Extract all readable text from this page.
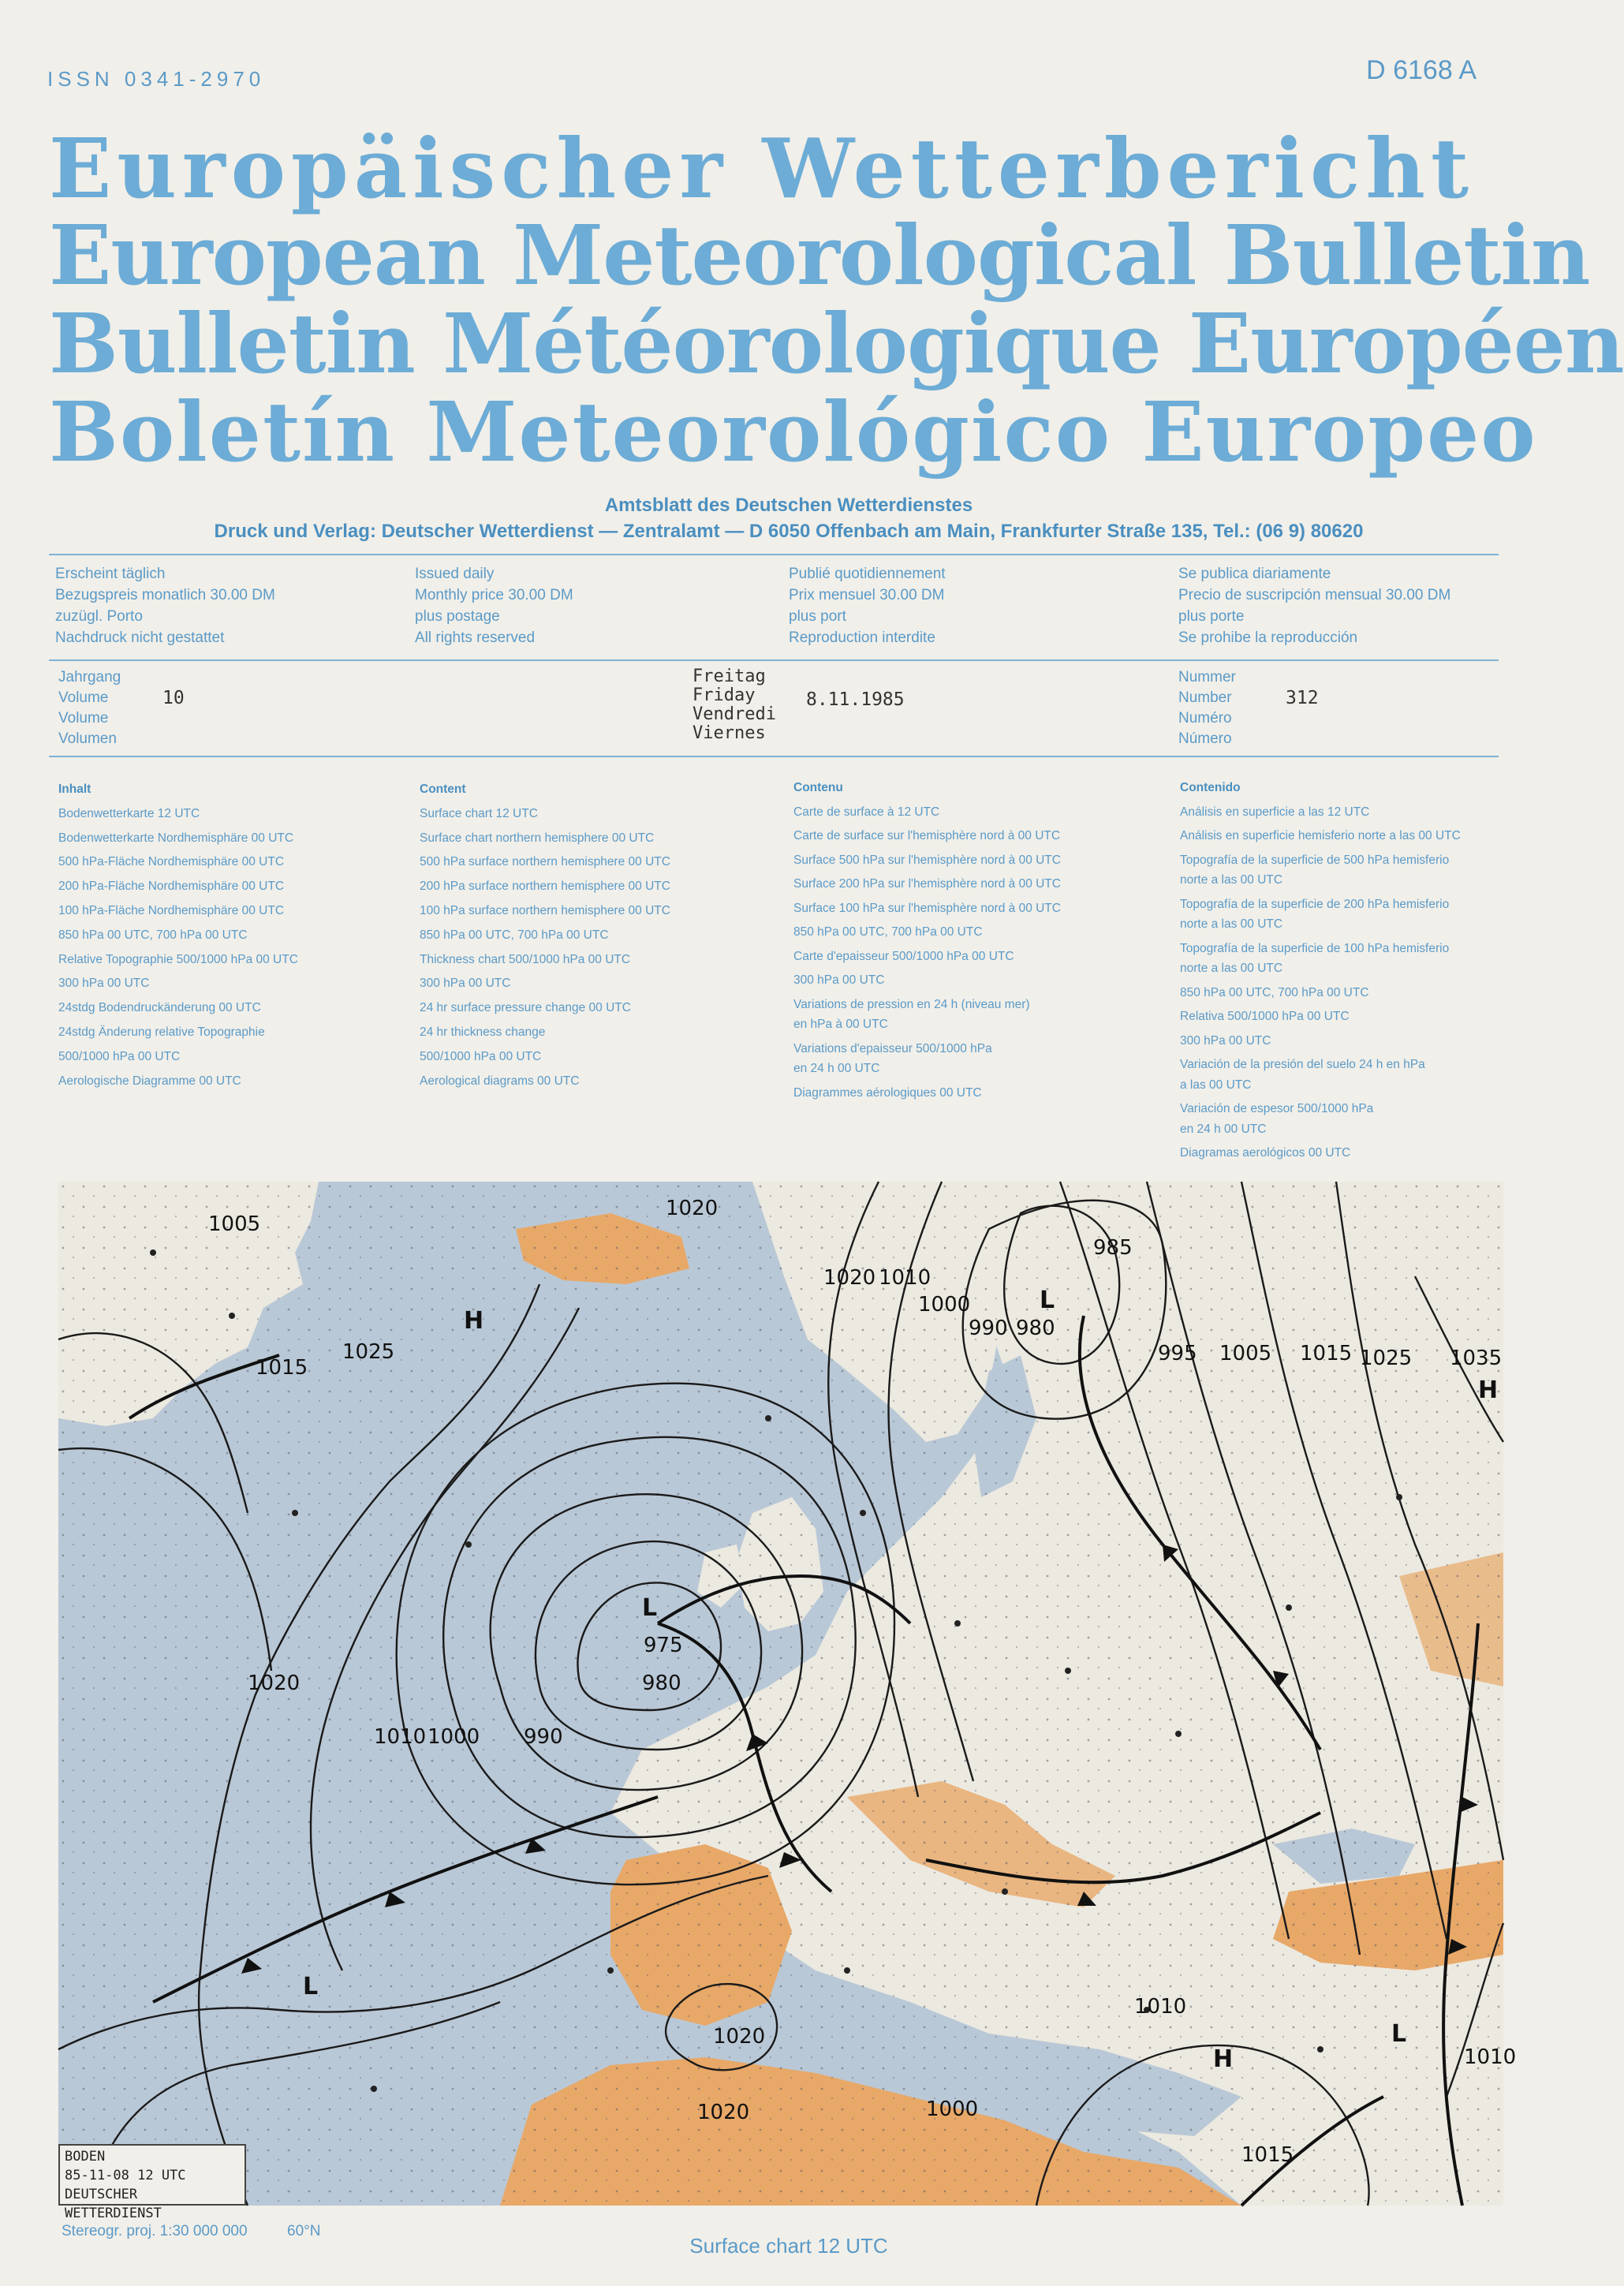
ISSN 0341-2970	D 6168 A
Europäischer Wetterbericht
European Meteorological Bulletin
Bulletin Météorologique Européen
Boletín Meteorológico Europeo
Amtsblatt des Deutschen Wetterdienstes
Druck und Verlag: Deutscher Wetterdienst — Zentralamt — D 6050 Offenbach am Main, Frankfurter Straße 135, Tel.: (06 9) 80620
Erscheint täglich
Bezugspreis monatlich 30.00 DM
zuzügl. Porto
Nachdruck nicht gestattet
Issued daily
Monthly price 30.00 DM
plus postage
All rights reserved
Publié quotidiennement
Prix mensuel 30.00 DM
plus port
Reproduction interdite
Se publica diariamente
Precio de suscripción mensual 30.00 DM
plus porte
Se prohibe la reproducción
Jahrgang
Volume
Volume
Volumen
10
Freitag
Friday
Vendredi
Viernes
8.11.1985
Nummer
Number
Numéro
Número
312
Inhalt
Bodenwetterkarte 12 UTC
Bodenwetterkarte Nordhemisphäre 00 UTC
500 hPa-Fläche Nordhemisphäre 00 UTC
200 hPa-Fläche Nordhemisphäre 00 UTC
100 hPa-Fläche Nordhemisphäre 00 UTC
850 hPa 00 UTC, 700 hPa 00 UTC
Relative Topographie 500/1000 hPa 00 UTC
300 hPa 00 UTC
24stdg Bodendruckänderung 00 UTC
24stdg Änderung relative Topographie
500/1000 hPa 00 UTC
Aerologische Diagramme 00 UTC
Content
Surface chart 12 UTC
Surface chart northern hemisphere 00 UTC
500 hPa surface northern hemisphere 00 UTC
200 hPa surface northern hemisphere 00 UTC
100 hPa surface northern hemisphere 00 UTC
850 hPa 00 UTC, 700 hPa 00 UTC
Thickness chart 500/1000 hPa 00 UTC
300 hPa 00 UTC
24 hr surface pressure change 00 UTC
24 hr thickness change
500/1000 hPa 00 UTC
Aerological diagrams 00 UTC
Contenu
Carte de surface à 12 UTC
Carte de surface sur l'hemisphère nord à 00 UTC
Surface 500 hPa sur l'hemisphère nord à 00 UTC
Surface 200 hPa sur l'hemisphère nord à 00 UTC
Surface 100 hPa sur l'hemisphère nord à 00 UTC
850 hPa 00 UTC, 700 hPa 00 UTC
Carte d'epaisseur 500/1000 hPa 00 UTC
300 hPa 00 UTC
Variations de pression en 24 h (niveau mer)
en hPa à 00 UTC
Variations d'epaisseur 500/1000 hPa
en 24 h 00 UTC
Diagrammes aérologiques 00 UTC
Contenido
Análisis en superficie a las 12 UTC
Análisis en superficie hemisferio norte a las 00 UTC
Topografía de la superficie de 500 hPa hemisferio
norte a las 00 UTC
Topografía de la superficie de 200 hPa hemisferio
norte a las 00 UTC
Topografía de la superficie de 100 hPa hemisferio
norte a las 00 UTC
850 hPa 00 UTC, 700 hPa 00 UTC
Relativa 500/1000 hPa 00 UTC
300 hPa 00 UTC
Variación de la presión del suelo 24 h en hPa
a las 00 UTC
Variación de espesor 500/1000 hPa
en 24 h 00 UTC
Diagramas aerológicos 00 UTC
1020
1005
1015
1025
1020
1010 1000 990
980
975
1020 1010
1015
985
990 980
995 1005 1015 1025 1035
1010
1020
1020
1010
1000
1000
L
L
L
H
H
H
L
BODEN
85-11-08 12 UTC
DEUTSCHER WETTERDIENST
Stereogr. proj. 1:30 000 000	60°N
Surface chart 12 UTC
